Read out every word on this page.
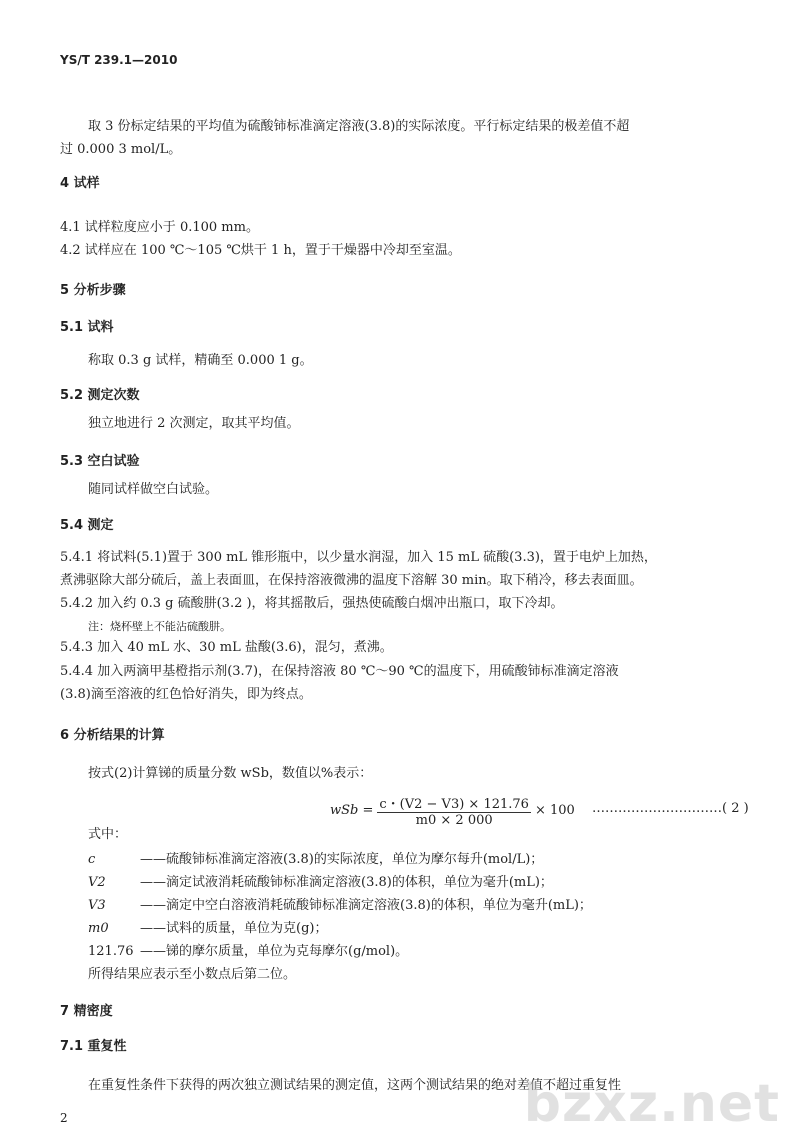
YS/T 239.1—2010
取 3 份标定结果的平均值为硫酸铈标准滴定溶液(3.8)的实际浓度。平行标定结果的极差值不超
过 0.000 3 mol/L。
4 试样
4.1 试样粒度应小于 0.100 mm。
4.2 试样应在 100 ℃～105 ℃烘干 1 h，置于干燥器中冷却至室温。
5 分析步骤
5.1 试料
称取 0.3 g 试样，精确至 0.000 1 g。
5.2 测定次数
独立地进行 2 次测定，取其平均值。
5.3 空白试验
随同试样做空白试验。
5.4 测定
5.4.1 将试料(5.1)置于 300 mL 锥形瓶中，以少量水润湿，加入 15 mL 硫酸(3.3)，置于电炉上加热，
煮沸驱除大部分硫后，盖上表面皿，在保持溶液微沸的温度下溶解 30 min。取下稍冷，移去表面皿。
5.4.2 加入约 0.3 g 硫酸肼(3.2 )，将其摇散后，强热使硫酸白烟冲出瓶口，取下冷却。
注：烧杯壁上不能沾硫酸肼。
5.4.3 加入 40 mL 水、30 mL 盐酸(3.6)，混匀，煮沸。
5.4.4 加入两滴甲基橙指示剂(3.7)，在保持溶液 80 ℃～90 ℃的温度下，用硫酸铈标准滴定溶液
(3.8)滴至溶液的红色恰好消失，即为终点。
6 分析结果的计算
按式(2)计算锑的质量分数 wSb，数值以%表示：
wSb = $\frac{c・(V2 - V3) \times 121.76}{m0 \times 2 000} \times 100$ …………………………( 2 )
式中：
c	——硫酸铈标准滴定溶液(3.8)的实际浓度，单位为摩尔每升(mol/L)；
V2	——滴定试液消耗硫酸铈标准滴定溶液(3.8)的体积，单位为毫升(mL)；
V3	——滴定中空白溶液消耗硫酸铈标准滴定溶液(3.8)的体积，单位为毫升(mL)；
m0 ——试料的质量，单位为克(g)；
121.76 ——锑的摩尔质量，单位为克每摩尔(g/mol)。
所得结果应表示至小数点后第二位。
7 精密度
7.1 重复性
在重复性条件下获得的两次独立测试结果的测定值，这两个测试结果的绝对差值不超过重复性
2	bzxz.net
